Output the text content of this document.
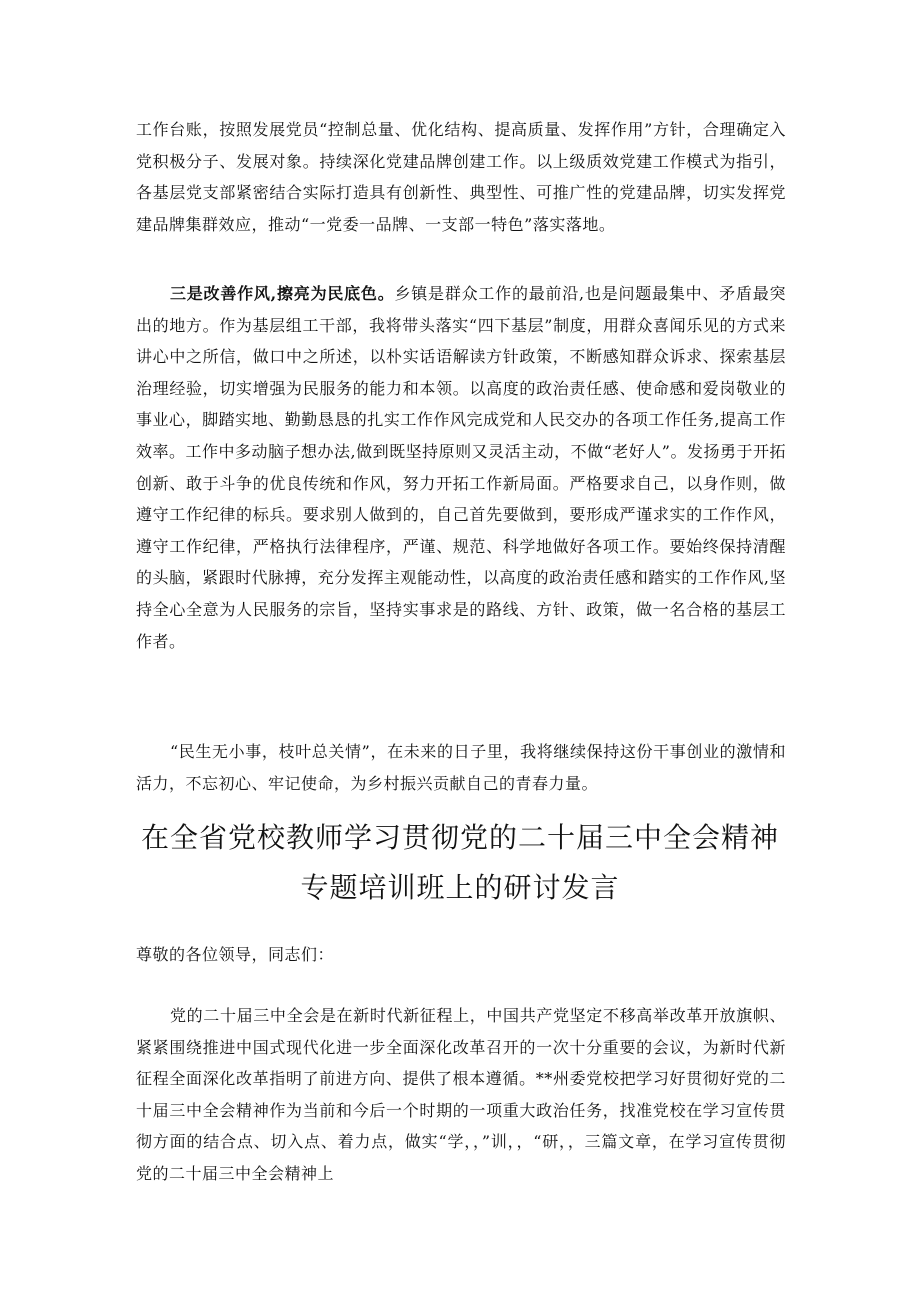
工作台账，按照发展党员“控制总量、优化结构、提高质量、发挥作用”方针，合理确定入党积极分子、发展对象。持续深化党建品牌创建工作。以上级质效党建工作模式为指引，各基层党支部紧密结合实际打造具有创新性、典型性、可推广性的党建品牌，切实发挥党建品牌集群效应，推动“一党委一品牌、一支部一特色”落实落地。

三是改善作风,擦亮为民底色。乡镇是群众工作的最前沿,也是问题最集中、矛盾最突出的地方。作为基层组工干部，我将带头落实“四下基层”制度，用群众喜闻乐见的方式来讲心中之所信，做口中之所述，以朴实话语解读方针政策，不断感知群众诉求、探索基层治理经验，切实增强为民服务的能力和本领。以高度的政治责任感、使命感和爱岗敬业的事业心，脚踏实地、勤勤恳恳的扎实工作作风完成党和人民交办的各项工作任务,提高工作效率。工作中多动脑子想办法,做到既坚持原则又灵活主动，不做“老好人”。发扬勇于开拓创新、敢于斗争的优良传统和作风，努力开拓工作新局面。严格要求自己，以身作则，做遵守工作纪律的标兵。要求别人做到的，自己首先要做到，要形成严谨求实的工作作风，遵守工作纪律，严格执行法律程序，严谨、规范、科学地做好各项工作。要始终保持清醒的头脑，紧跟时代脉搏，充分发挥主观能动性，以高度的政治责任感和踏实的工作作风,坚持全心全意为人民服务的宗旨，坚持实事求是的路线、方针、政策，做一名合格的基层工作者。

“民生无小事，枝叶总关情”，在未来的日子里，我将继续保持这份干事创业的激情和活力，不忘初心、牢记使命，为乡村振兴贡献自己的青春力量。

在全省党校教师学习贯彻党的二十届三中全会精神
专题培训班上的研讨发言

尊敬的各位领导，同志们：

党的二十届三中全会是在新时代新征程上，中国共产党坚定不移高举改革开放旗帜、紧紧围绕推进中国式现代化进一步全面深化改革召开的一次十分重要的会议，为新时代新征程全面深化改革指明了前进方向、提供了根本遵循。**州委党校把学习好贯彻好党的二十届三中全会精神作为当前和今后一个时期的一项重大政治任务，找准党校在学习宣传贯彻方面的结合点、切入点、着力点，做实“学，，”训，，“研，，三篇文章，在学习宣传贯彻党的二十届三中全会精神上
